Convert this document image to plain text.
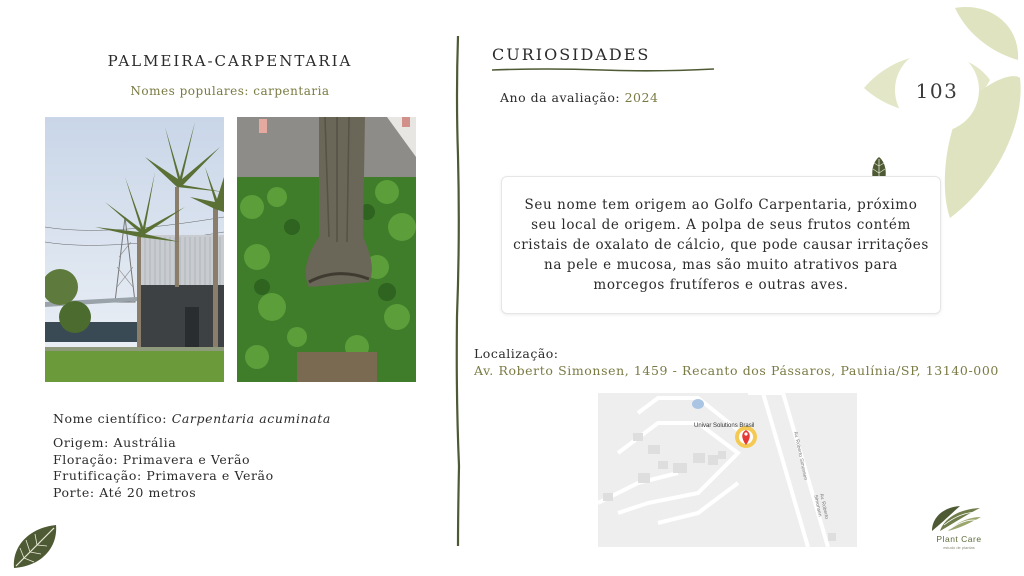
PALMEIRA-CARPENTARIA
Nomes populares: carpentaria
Nome científico: Carpentaria acuminata
Origem: Austrália
Floração: Primavera e Verão
Frutificação: Primavera e Verão
Porte: Até 20 metros
CURIOSIDADES
Ano da avaliação: 2024	103
Seu nome tem origem ao Golfo Carpentaria, próximo seu local de origem. A polpa de seus frutos contém cristais de oxalato de cálcio, que pode causar irritações na pele e mucosa, mas são muito atrativos para morcegos frutíferos e outras aves.
Localização:
Av. Roberto Simonsen, 1459 - Recanto dos Pássaros, Paulínia/SP, 13140-000
Univar Solutions Brasil
Av. Roberto Simonsen
Av. Roberto Simonsen
Plant Care
estudo de plantas
